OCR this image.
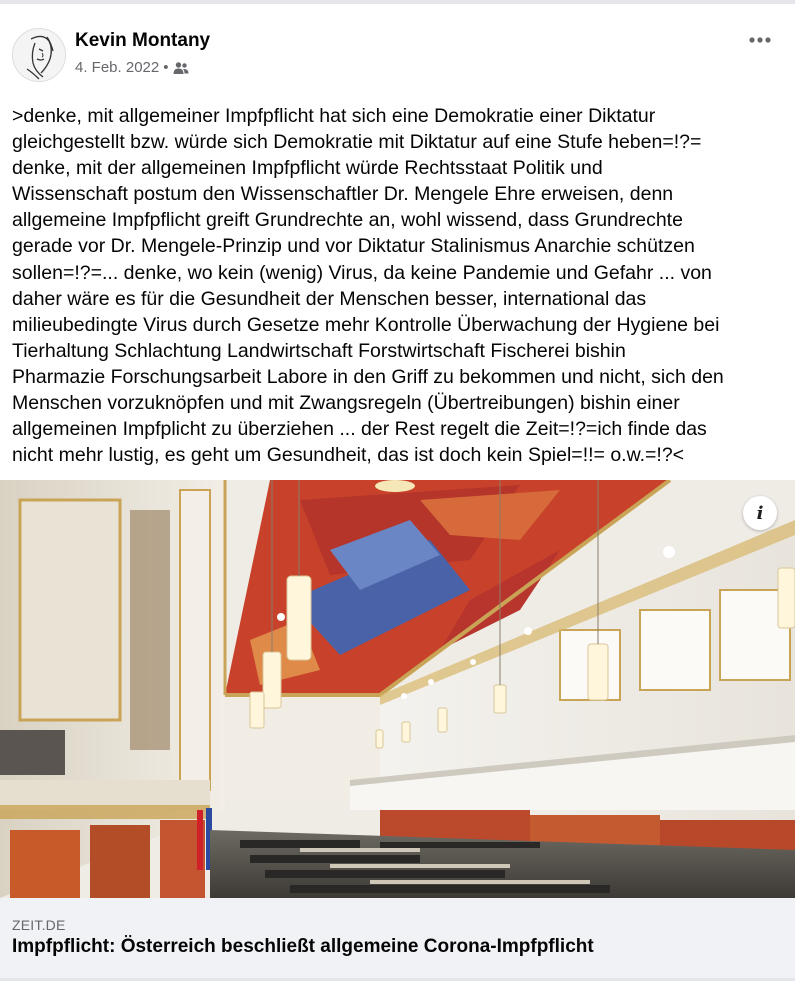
Kevin Montany
4. Feb. 2022 •
>denke, mit allgemeiner Impfpflicht hat sich eine Demokratie einer Diktatur
gleichgestellt bzw. würde sich Demokratie mit Diktatur auf eine Stufe heben=!?=
denke, mit der allgemeinen Impfpflicht würde Rechtsstaat Politik und
Wissenschaft postum den Wissenschaftler Dr. Mengele Ehre erweisen, denn
allgemeine Impfpflicht greift Grundrechte an, wohl wissend, dass Grundrechte
gerade vor Dr. Mengele-Prinzip und vor Diktatur Stalinismus Anarchie schützen
sollen=!?=... denke, wo kein (wenig) Virus, da keine Pandemie und Gefahr ... von
daher wäre es für die Gesundheit der Menschen besser, international das
milieubedingte Virus durch Gesetze mehr Kontrolle Überwachung der Hygiene bei
Tierhaltung Schlachtung Landwirtschaft Forstwirtschaft Fischerei bishin
Pharmazie Forschungsarbeit Labore in den Griff zu bekommen und nicht, sich den
Menschen vorzuknöpfen und mit Zwangsregeln (Übertreibungen) bishin einer
allgemeinen Impfplicht zu überziehen ... der Rest regelt die Zeit=!?=ich finde das
nicht mehr lustig, es geht um Gesundheit, das ist doch kein Spiel=!!= o.w.=!?<
i
ZEIT.DE
Impfpflicht: Österreich beschließt allgemeine Corona-Impfpflicht
